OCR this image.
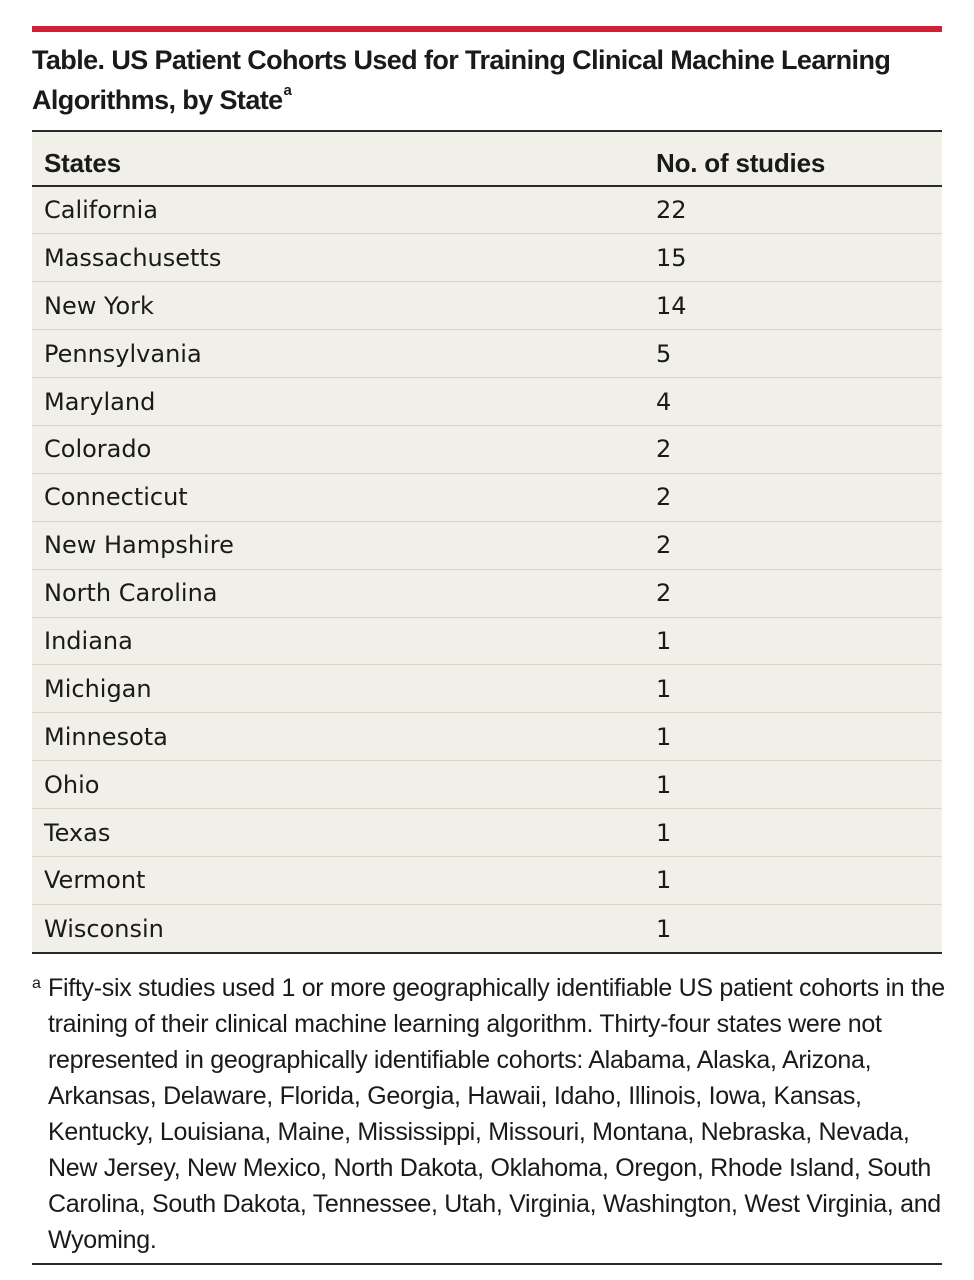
Table. US Patient Cohorts Used for Training Clinical Machine Learning Algorithms, by State$^a$
States	No. of studies
California	22
Massachusetts	15
New York	14
Pennsylvania	5
Maryland	4
Colorado	2
Connecticut	2
New Hampshire	2
North Carolina	2
Indiana	1
Michigan	1
Minnesota	1
Ohio	1
Texas	1
Vermont	1
Wisconsin	1
a Fifty-six studies used 1 or more geographically identifiable US patient cohorts in the training of their clinical machine learning algorithm. Thirty-four states were not represented in geographically identifiable cohorts: Alabama, Alaska, Arizona, Arkansas, Delaware, Florida, Georgia, Hawaii, Idaho, Illinois, Iowa, Kansas, Kentucky, Louisiana, Maine, Mississippi, Missouri, Montana, Nebraska, Nevada, New Jersey, New Mexico, North Dakota, Oklahoma, Oregon, Rhode Island, South Carolina, South Dakota, Tennessee, Utah, Virginia, Washington, West Virginia, and Wyoming.
